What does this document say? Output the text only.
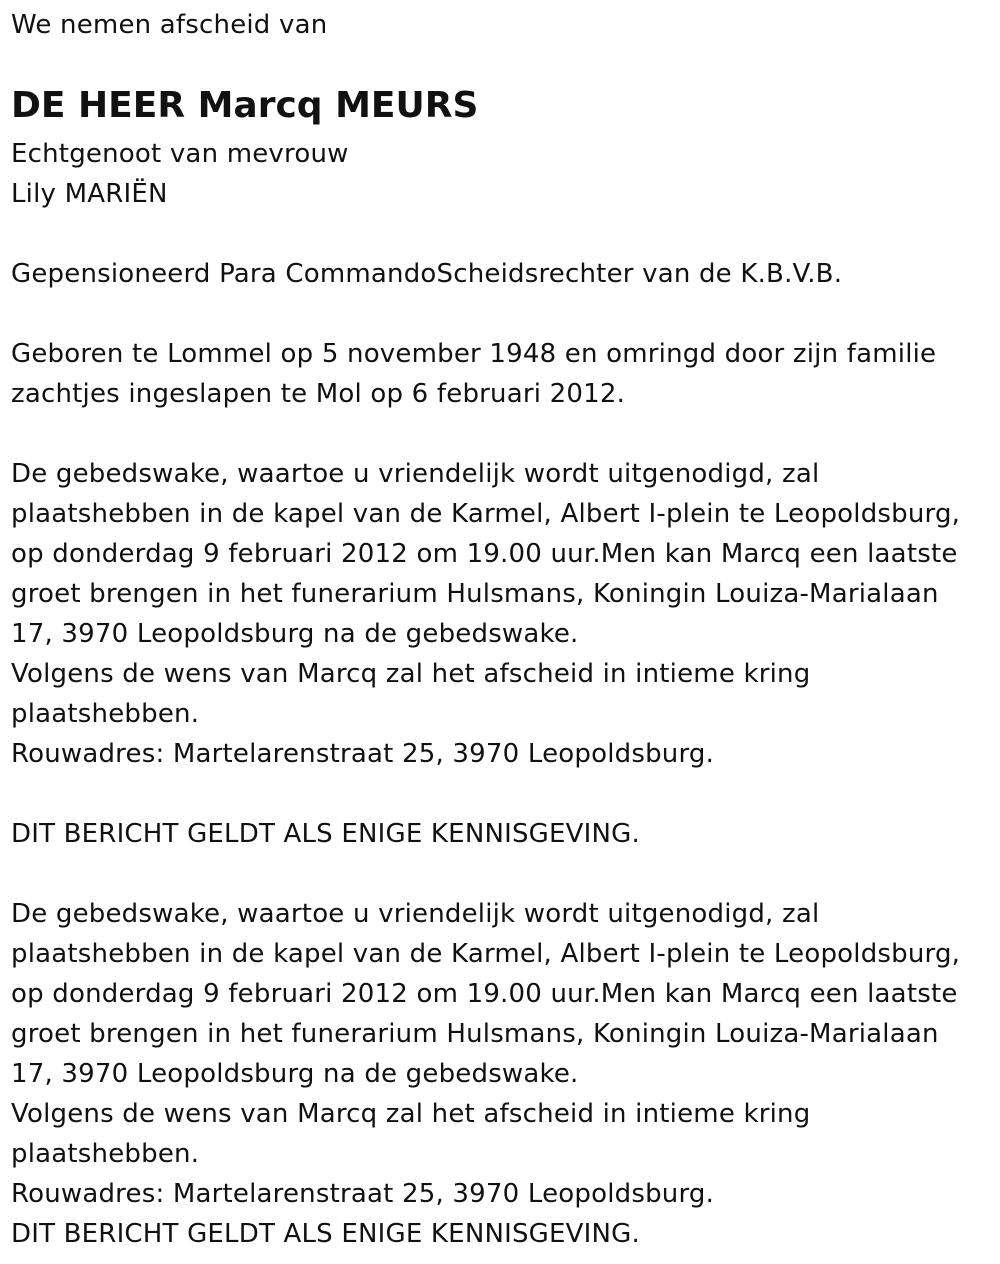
We nemen afscheid van
DE HEER Marcq MEURS
Echtgenoot van mevrouw
Lily MARIËN
Gepensioneerd Para CommandoScheidsrechter van de K.B.V.B.
Geboren te Lommel op 5 november 1948 en omringd door zijn familie
zachtjes ingeslapen te Mol op 6 februari 2012.
De gebedswake, waartoe u vriendelijk wordt uitgenodigd, zal
plaatshebben in de kapel van de Karmel, Albert I-plein te Leopoldsburg,
op donderdag 9 februari 2012 om 19.00 uur.Men kan Marcq een laatste
groet brengen in het funerarium Hulsmans, Koningin Louiza-Marialaan
17, 3970 Leopoldsburg na de gebedswake.
Volgens de wens van Marcq zal het afscheid in intieme kring
plaatshebben.
Rouwadres: Martelarenstraat 25, 3970 Leopoldsburg.
DIT BERICHT GELDT ALS ENIGE KENNISGEVING.
De gebedswake, waartoe u vriendelijk wordt uitgenodigd, zal
plaatshebben in de kapel van de Karmel, Albert I-plein te Leopoldsburg,
op donderdag 9 februari 2012 om 19.00 uur.Men kan Marcq een laatste
groet brengen in het funerarium Hulsmans, Koningin Louiza-Marialaan
17, 3970 Leopoldsburg na de gebedswake.
Volgens de wens van Marcq zal het afscheid in intieme kring
plaatshebben.
Rouwadres: Martelarenstraat 25, 3970 Leopoldsburg.
DIT BERICHT GELDT ALS ENIGE KENNISGEVING.
